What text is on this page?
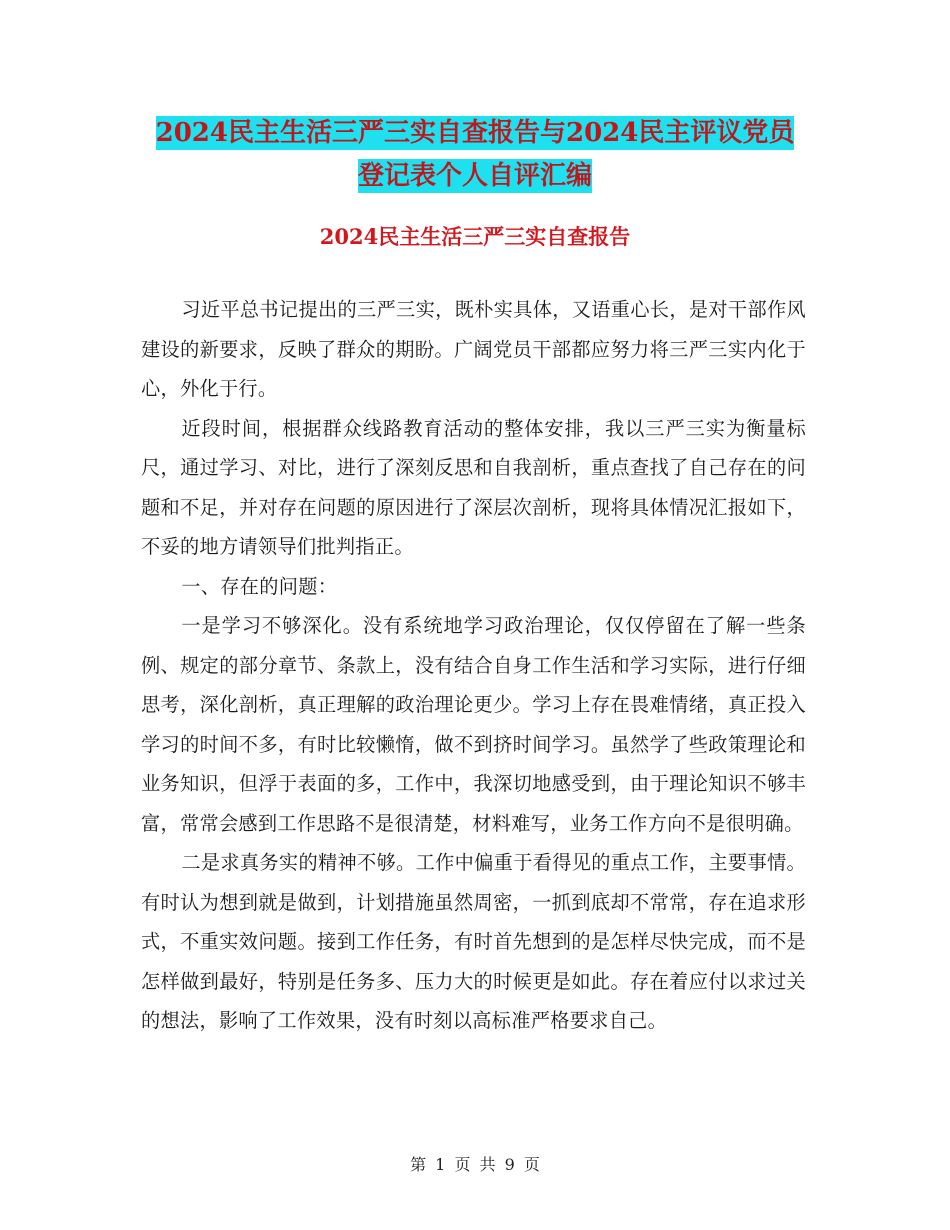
2024民主生活三严三实自查报告与2024民主评议党员
登记表个人自评汇编
2024民主生活三严三实自查报告

习近平总书记提出的三严三实，既朴实具体，又语重心长，是对干部作风建设的新要求，反映了群众的期盼。广阔党员干部都应努力将三严三实内化于心，外化于行。

近段时间，根据群众线路教育活动的整体安排，我以三严三实为衡量标尺，通过学习、对比，进行了深刻反思和自我剖析，重点查找了自己存在的问题和不足，并对存在问题的原因进行了深层次剖析，现将具体情况汇报如下，不妥的地方请领导们批判指正。

一、存在的问题：

一是学习不够深化。没有系统地学习政治理论，仅仅停留在了解一些条例、规定的部分章节、条款上，没有结合自身工作生活和学习实际，进行仔细思考，深化剖析，真正理解的政治理论更少。学习上存在畏难情绪，真正投入学习的时间不多，有时比较懒惰，做不到挤时间学习。虽然学了些政策理论和业务知识，但浮于表面的多，工作中，我深切地感受到，由于理论知识不够丰富，常常会感到工作思路不是很清楚，材料难写，业务工作方向不是很明确。

二是求真务实的精神不够。工作中偏重于看得见的重点工作，主要事情。有时认为想到就是做到，计划措施虽然周密，一抓到底却不常常，存在追求形式，不重实效问题。接到工作任务，有时首先想到的是怎样尽快完成，而不是怎样做到最好，特别是任务多、压力大的时候更是如此。存在着应付以求过关的想法，影响了工作效果，没有时刻以高标准严格要求自己。

第 1 页 共 9 页
